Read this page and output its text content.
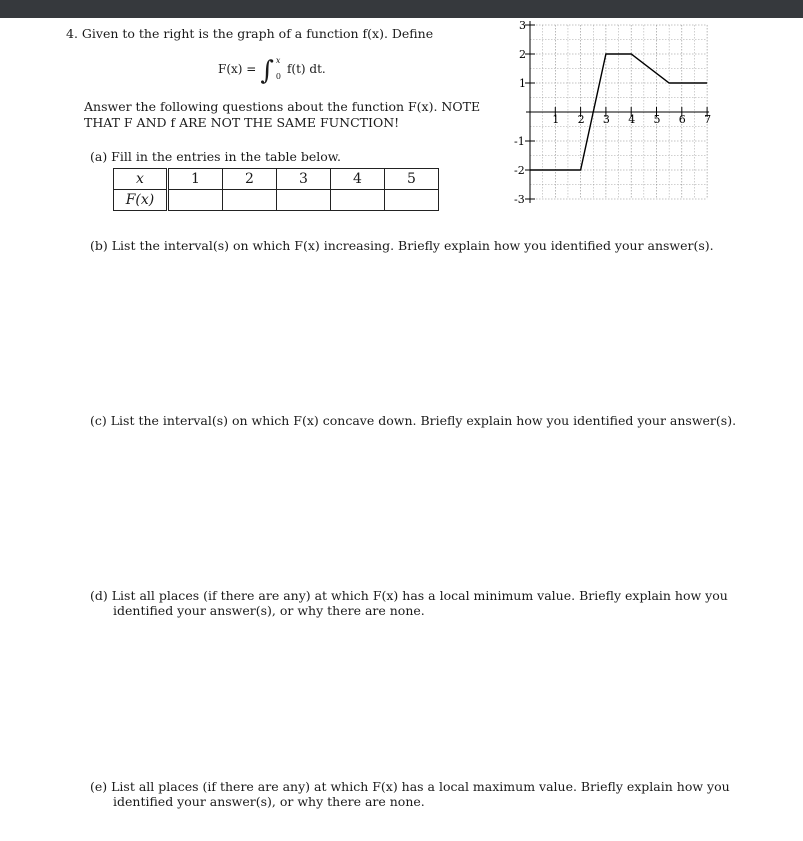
4. Given to the right is the graph of a function f(x). Define
F(x) = ∫ x
0
f(t) dt.
Answer the following questions about the function F(x). NOTE
THAT F AND f ARE NOT THE SAME FUNCTION!
(a) Fill in the entries in the table below.
x	1	2	3	4	5
F(x)					
(b) List the interval(s) on which F(x) increasing. Briefly explain how you identified your answer(s).
(c) List the interval(s) on which F(x) concave down. Briefly explain how you identified your answer(s).
(d) List all places (if there are any) at which F(x) has a local minimum value. Briefly explain how you
identified your answer(s), or why there are none.
(e) List all places (if there are any) at which F(x) has a local maximum value. Briefly explain how you
identified your answer(s), or why there are none.
1 2 3 4 5 6 7
3
2
1
-1
-2
-3
